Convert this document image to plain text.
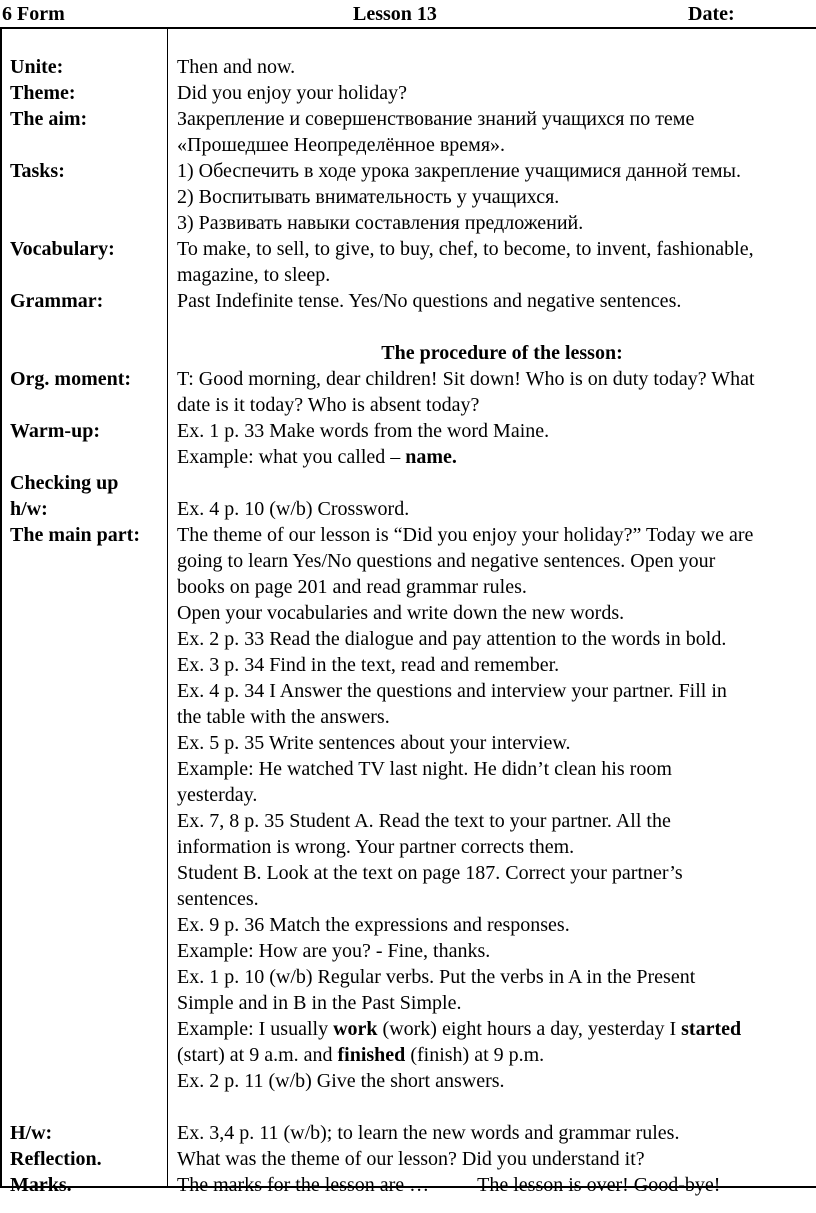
6 Form	Lesson 13	Date:
Unite:
Theme:
The aim:
Tasks:
Vocabulary:
Grammar:
Org. moment:
Warm-up:
Checking up
h/w:
The main part:
H/w:
Reflection.
Marks.
Then and now.
Did you enjoy your holiday?
Закрепление и совершенствование знаний учащихся по теме
«Прошедшее Неопределённое время».
1) Обеспечить в ходе урока закрепление учащимися данной темы.
2) Воспитывать внимательность у учащихся.
3) Развивать навыки составления предложений.
To make, to sell, to give, to buy, chef, to become, to invent, fashionable,
magazine, to sleep.
Past Indefinite tense. Yes/No questions and negative sentences.
The procedure of the lesson:
T: Good morning, dear children! Sit down! Who is on duty today? What
date is it today? Who is absent today?
Ex. 1 p. 33 Make words from the word Maine.
Example: what you called – name.
Ex. 4 p. 10 (w/b) Crossword.
The theme of our lesson is “Did you enjoy your holiday?” Today we are
going to learn Yes/No questions and negative sentences. Open your
books on page 201 and read grammar rules.
Open your vocabularies and write down the new words.
Ex. 2 p. 33 Read the dialogue and pay attention to the words in bold.
Ex. 3 p. 34 Find in the text, read and remember.
Ex. 4 p. 34 I Answer the questions and interview your partner. Fill in
the table with the answers.
Ex. 5 p. 35 Write sentences about your interview.
Example: He watched TV last night. He didn’t clean his room
yesterday.
Ex. 7, 8 p. 35 Student A. Read the text to your partner. All the
information is wrong. Your partner corrects them.
Student B. Look at the text on page 187. Correct your partner’s
sentences.
Ex. 9 p. 36 Match the expressions and responses.
Example: How are you? - Fine, thanks.
Ex. 1 p. 10 (w/b) Regular verbs. Put the verbs in A in the Present
Simple and in B in the Past Simple.
Example: I usually work (work) eight hours a day, yesterday I started
(start) at 9 a.m. and finished (finish) at 9 p.m.
Ex. 2 p. 11 (w/b) Give the short answers.
Ex. 3,4 p. 11 (w/b); to learn the new words and grammar rules.
What was the theme of our lesson? Did you understand it?
The marks for the lesson are … The lesson is over! Good-bye!
